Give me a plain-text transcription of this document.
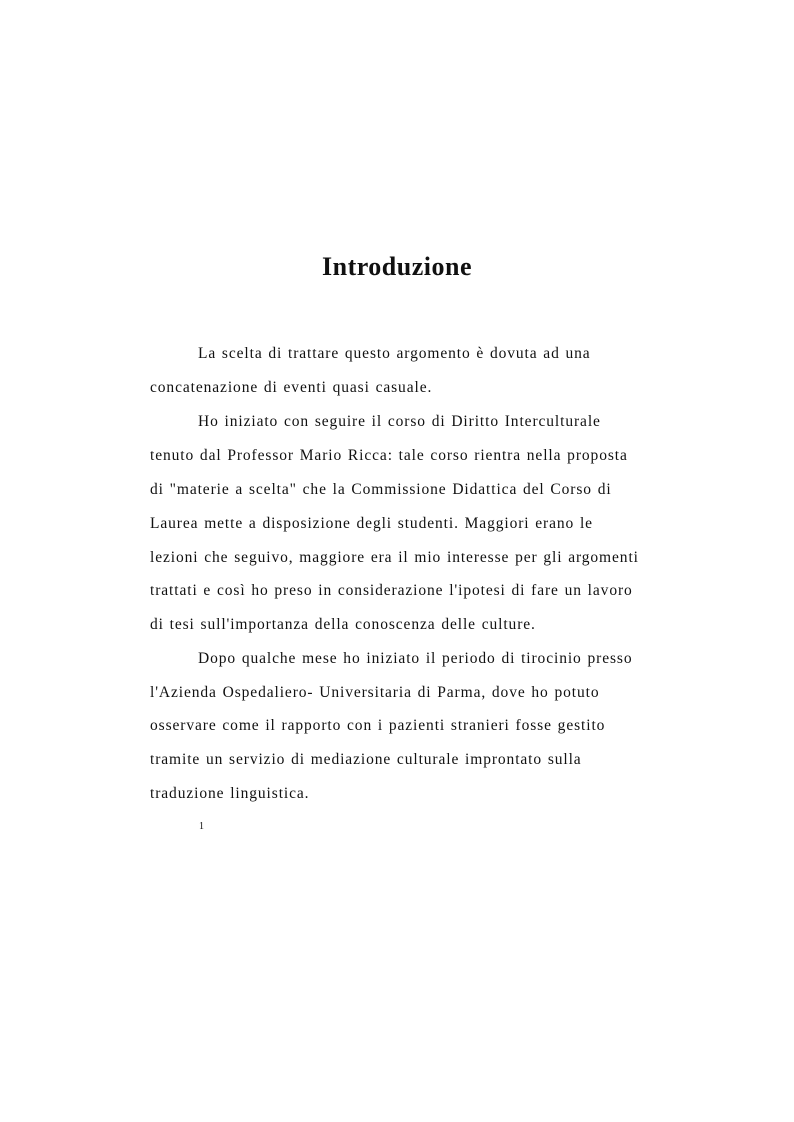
Introduzione
La scelta di trattare questo argomento è dovuta ad una
concatenazione di eventi quasi casuale.
Ho iniziato con seguire il corso di Diritto Interculturale
tenuto dal Professor Mario Ricca: tale corso rientra nella proposta
di "materie a scelta" che la Commissione Didattica del Corso di
Laurea mette a disposizione degli studenti. Maggiori erano le
lezioni che seguivo, maggiore era il mio interesse per gli argomenti
trattati e così ho preso in considerazione l'ipotesi di fare un lavoro
di tesi sull'importanza della conoscenza delle culture.
Dopo qualche mese ho iniziato il periodo di tirocinio presso
l'Azienda Ospedaliero- Universitaria di Parma, dove ho potuto
osservare come il rapporto con i pazienti stranieri fosse gestito
tramite un servizio di mediazione culturale improntato sulla
traduzione linguistica.
1
